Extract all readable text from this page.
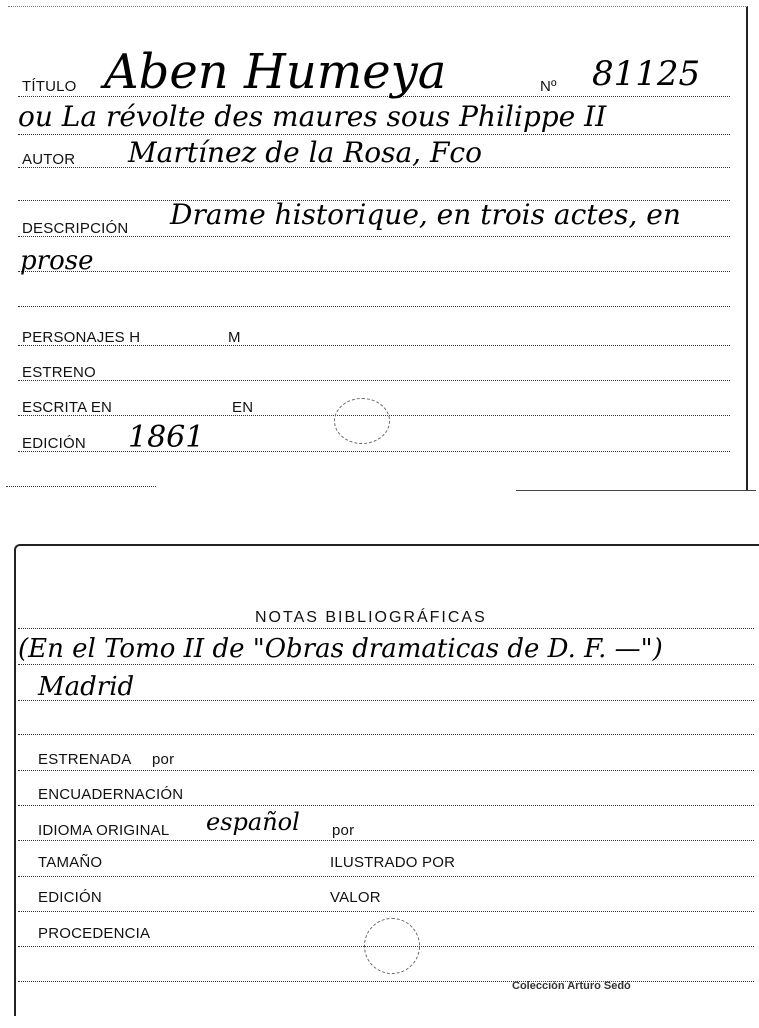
TÍTULO Aben Humeya	Nº 81125
ou La révolte des maures sous Philippe II
AUTOR Martínez de la Rosa, Fco
DESCRIPCIÓN Drame historique, en trois actes, en
prose
PERSONAJES H	M
ESTRENO
ESCRITA EN	EN
EDICIÓN 1861
NOTAS BIBLIOGRÁFICAS
(En el Tomo II de "Obras dramaticas de D. F. —")
Madrid
ESTRENADA por
ENCUADERNACIÓN
IDIOMA ORIGINAL español por
TAMAÑO	ILUSTRADO POR
EDICIÓN	VALOR
PROCEDENCIA
Colección Arturo Sedó
